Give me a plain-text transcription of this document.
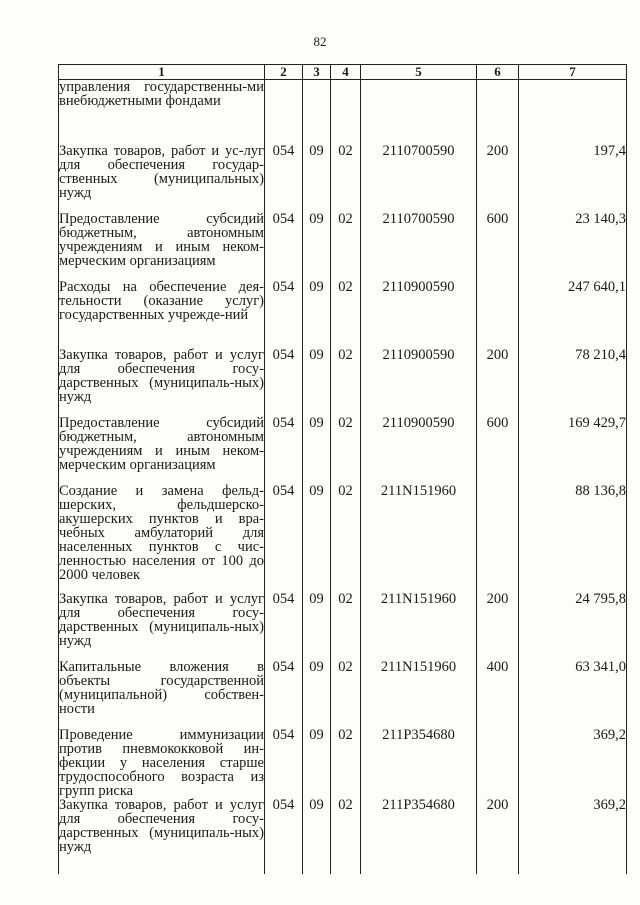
82
1	2	3	4	5	6	7
управления государственны-ми внебюджетными фондами						
Закупка товаров, работ и ус-луг для обеспечения государ-ственных (муниципальных) нужд	054	09	02	2110700590	200	197,4
Предоставление субсидий бюджетным, автономным учреждениям и иным неком-мерческим организациям	054	09	02	2110700590	600	23 140,3
Расходы на обеспечение дея-тельности (оказание услуг) государственных учрежде-ний	054	09	02	2110900590		247 640,1
Закупка товаров, работ и услуг для обеспечения госу-дарственных (муниципаль-ных) нужд	054	09	02	2110900590	200	78 210,4
Предоставление субсидий бюджетным, автономным учреждениям и иным неком-мерческим организациям	054	09	02	2110900590	600	169 429,7
Создание и замена фельд-шерских, фельдшерско-акушерских пунктов и вра-чебных амбулаторий для населенных пунктов с чис-ленностью населения от 100 до 2000 человек	054	09	02	211N151960		88 136,8
Закупка товаров, работ и услуг для обеспечения госу-дарственных (муниципаль-ных) нужд	054	09	02	211N151960	200	24 795,8
Капитальные вложения в объекты государственной (муниципальной) собствен-ности	054	09	02	211N151960	400	63 341,0
Проведение иммунизации против пневмококковой ин-фекции у населения старше трудоспособного возраста из групп риска	054	09	02	211P354680		369,2
Закупка товаров, работ и услуг для обеспечения госу-дарственных (муниципаль-ных) нужд	054	09	02	211P354680	200	369,2
